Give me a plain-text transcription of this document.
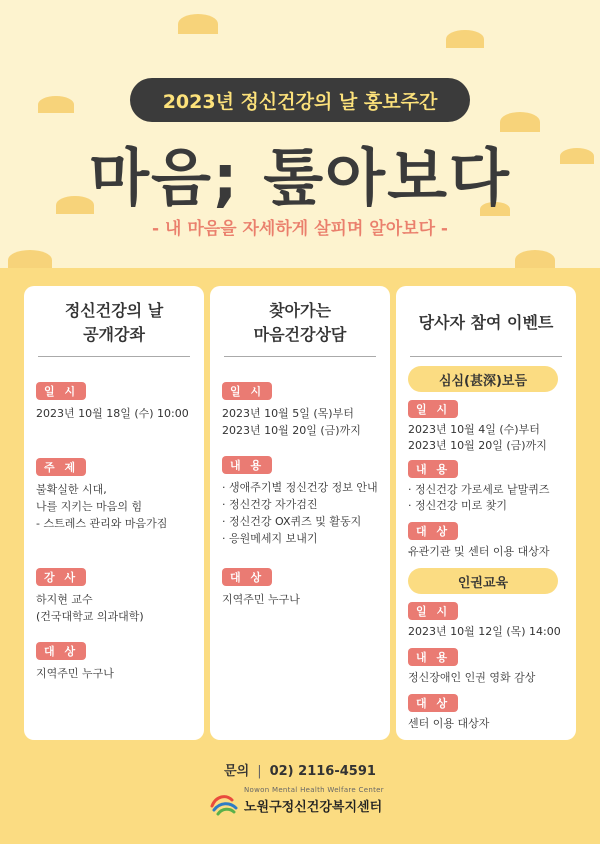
2023년 정신건강의 날 홍보주간
마음; 톺아보다
- 내 마음을 자세하게 살피며 알아보다 -
정신건강의 날
공개강좌
일 시
2023년 10월 18일 (수) 10:00
주 제
불확실한 시대,
나를 지키는 마음의 힘
- 스트레스 관리와 마음가짐
강 사
하지현 교수
(건국대학교 의과대학)
대 상
지역주민 누구나
찾아가는
마음건강상담
일 시
2023년 10월 5일 (목)부터
2023년 10월 20일 (금)까지
내 용
· 생애주기별 정신건강 정보 안내
· 정신건강 자가검진
· 정신건강 OX퀴즈 및 활동지
· 응원메세지 보내기
대 상
지역주민 누구나
당사자 참여 이벤트
심심(甚深)보듬
일 시
2023년 10월 4일 (수)부터
2023년 10월 20일 (금)까지
내 용
· 정신건강 가로세로 낱말퀴즈
· 정신건강 미로 찾기
대 상
유관기관 및 센터 이용 대상자
인권교육
일 시
2023년 10월 12일 (목) 14:00
내 용
정신장애인 인권 영화 감상
대 상
센터 이용 대상자
문의 | 02) 2116-4591
Nowon Mental Health Welfare Center
노원구정신건강복지센터
